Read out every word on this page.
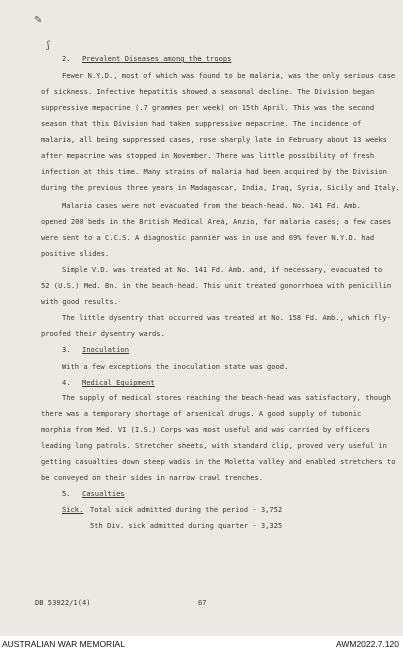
✎
ʃ
2. Prevalent Diseases among the troops
Fewer N.Y.D., most of which was found to be malaria, was the only serious case
of sickness. Infective hepatitis showed a seasonal decline. The Division began
suppressive mepacrine (.7 grammes per week) on 15th April. This was the second
season that this Division had taken suppressive mepacrine. The incidence of
malaria, all being suppressed cases, rose sharply late in February about 13 weeks
after mepacrine was stopped in November. There was little possibility of fresh
infection at this time. Many strains of malaria had been acquired by the Division
during the previous three years in Madagascar, India, Iraq, Syria, Sicily and Italy.
Malaria cases were not evacuated from the beach-head. No. 141 Fd. Amb.
opened 200 beds in the British Medical Area, Anzio, for malaria cases; a few cases
were sent to a C.C.S. A diagnostic pannier was in use and 69% fever N.Y.D. had
positive slides.
Simple V.D. was treated at No. 141 Fd. Amb. and, if necessary, evacuated to
52 (U.S.) Med. Bn. in the beach-head. This unit treated gonorrhoea with penicillin
with good results.
The little dysentry that occurred was treated at No. 158 Fd. Amb., which fly-
proofed their dysentry wards.
3. Inoculation
With a few exceptions the inoculation state was good.
4. Medical Equipment
The supply of medical stores reaching the beach-head was satisfactory, though
there was a temporary shortage of arsenical drugs. A good supply of tubonic
morphia from Med. VI (I.S.) Corps was most useful and was carried by officers
leading long patrols. Stretcher sheets, with standard clip, proved very useful in
getting casualties down steep wadis in the Moletta valley and enabled stretchers to
be conveyed on their sides in narrow crawl trenches.
5. Casualties
Sick. Total sick admitted during the period - 3,752
5th Div. sick admitted during quarter - 3,325
DB 53922/1(4)	67
AUSTRALIAN WAR MEMORIAL	AWM2022.7.120
